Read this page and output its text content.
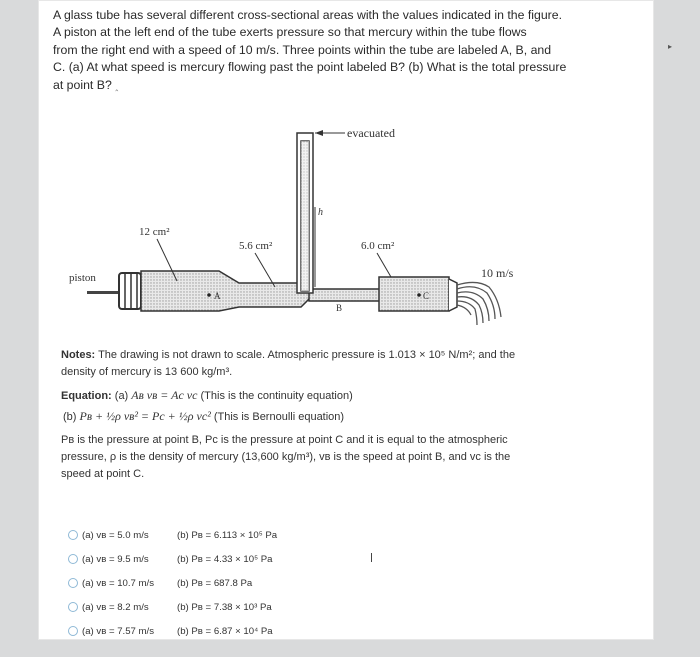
A glass tube has several different cross-sectional areas with the values indicated in the figure.
A piston at the left end of the tube exerts pressure so that mercury within the tube flows
from the right end with a speed of 10 m/s. Three points within the tube are labeled A, B, and
C. (a) At what speed is mercury flowing past the point labeled B? (b) What is the total pressure
at point B? ‸
evacuated
h
12 cm²
5.6 cm²	6.0 cm²
piston	10 m/s
A
B
C
Notes: The drawing is not drawn to scale. Atmospheric pressure is 1.013 × 10⁵ N/m²; and the
density of mercury is 13 600 kg/m³.
Equation: (a) Aʙ vʙ = Ac vc (This is the continuity equation)
(b) Pʙ + ½ρ vʙ² = Pc + ½ρ vc² (This is Bernoulli equation)
Pʙ is the pressure at point B, Pc is the pressure at point C and it is equal to the atmospheric
pressure, ρ is the density of mercury (13,600 kg/m³), vʙ is the speed at point B, and vc is the
speed at point C.
(a) vʙ = 5.0 m/s	(b) Pʙ = 6.113 × 10⁵ Pa
(a) vʙ = 9.5 m/s	(b) Pʙ = 4.33 × 10⁵ Pa
(a) vʙ = 10.7 m/s	(b) Pʙ = 687.8 Pa
(a) vʙ = 8.2 m/s	(b) Pʙ = 7.38 × 10³ Pa
(a) vʙ = 7.57 m/s	(b) Pʙ = 6.87 × 10⁴ Pa
▸
